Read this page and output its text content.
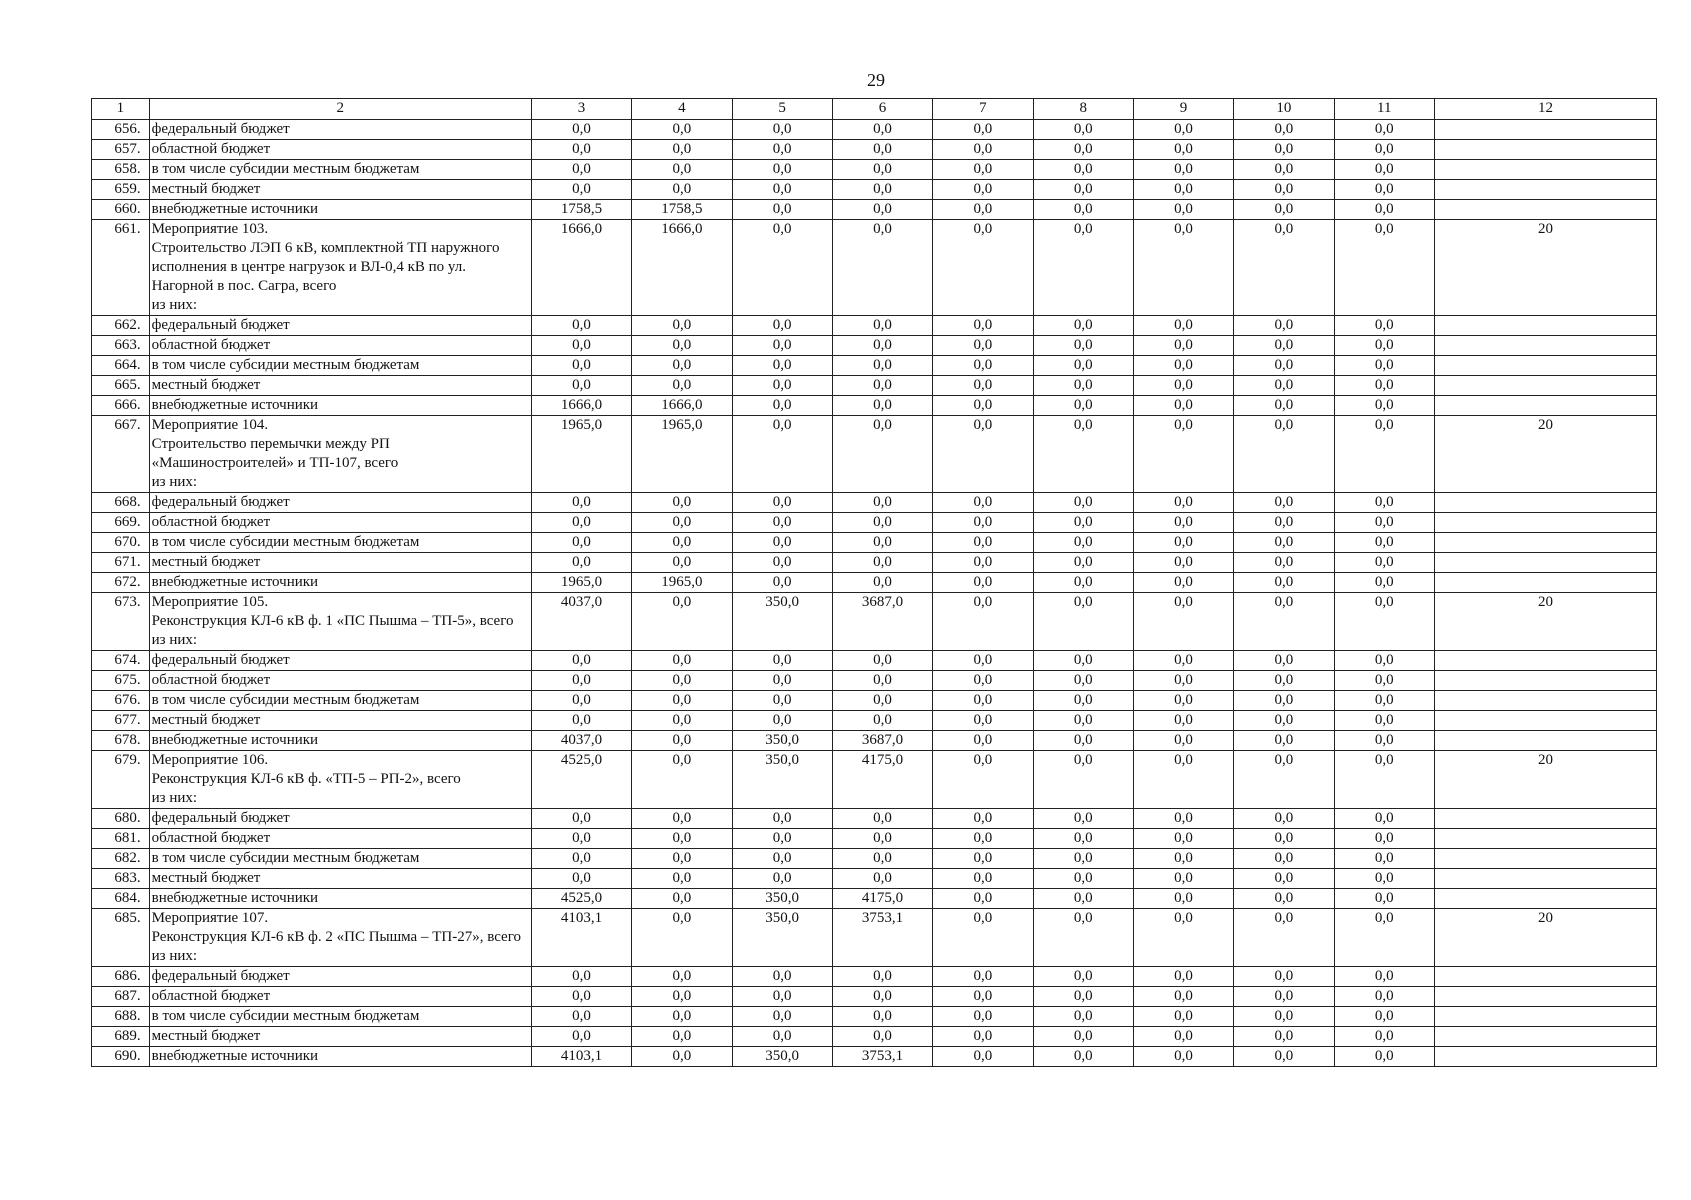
29
1	2	3	4	5	6	7	8	9	10	11	12
656.	федеральный бюджет	0,0	0,0	0,0	0,0	0,0	0,0	0,0	0,0	0,0	
657.	областной бюджет	0,0	0,0	0,0	0,0	0,0	0,0	0,0	0,0	0,0	
658.	в том числе субсидии местным бюджетам	0,0	0,0	0,0	0,0	0,0	0,0	0,0	0,0	0,0	
659.	местный бюджет	0,0	0,0	0,0	0,0	0,0	0,0	0,0	0,0	0,0	
660.	внебюджетные источники	1758,5	1758,5	0,0	0,0	0,0	0,0	0,0	0,0	0,0	
661.	Мероприятие 103.
Строительство ЛЭП 6 кВ, комплектной ТП наружного исполнения в центре нагрузок и ВЛ-0,4 кВ по ул. Нагорной в пос. Сагра, всего
из них:	1666,0	1666,0	0,0	0,0	0,0	0,0	0,0	0,0	0,0	20
662.	федеральный бюджет	0,0	0,0	0,0	0,0	0,0	0,0	0,0	0,0	0,0	
663.	областной бюджет	0,0	0,0	0,0	0,0	0,0	0,0	0,0	0,0	0,0	
664.	в том числе субсидии местным бюджетам	0,0	0,0	0,0	0,0	0,0	0,0	0,0	0,0	0,0	
665.	местный бюджет	0,0	0,0	0,0	0,0	0,0	0,0	0,0	0,0	0,0	
666.	внебюджетные источники	1666,0	1666,0	0,0	0,0	0,0	0,0	0,0	0,0	0,0	
667.	Мероприятие 104.
Строительство перемычки между РП «Машиностроителей» и ТП-107, всего
из них:	1965,0	1965,0	0,0	0,0	0,0	0,0	0,0	0,0	0,0	20
668.	федеральный бюджет	0,0	0,0	0,0	0,0	0,0	0,0	0,0	0,0	0,0	
669.	областной бюджет	0,0	0,0	0,0	0,0	0,0	0,0	0,0	0,0	0,0	
670.	в том числе субсидии местным бюджетам	0,0	0,0	0,0	0,0	0,0	0,0	0,0	0,0	0,0	
671.	местный бюджет	0,0	0,0	0,0	0,0	0,0	0,0	0,0	0,0	0,0	
672.	внебюджетные источники	1965,0	1965,0	0,0	0,0	0,0	0,0	0,0	0,0	0,0	
673.	Мероприятие 105.
Реконструкция КЛ-6 кВ ф. 1 «ПС Пышма – ТП-5», всего
из них:	4037,0	0,0	350,0	3687,0	0,0	0,0	0,0	0,0	0,0	20
674.	федеральный бюджет	0,0	0,0	0,0	0,0	0,0	0,0	0,0	0,0	0,0	
675.	областной бюджет	0,0	0,0	0,0	0,0	0,0	0,0	0,0	0,0	0,0	
676.	в том числе субсидии местным бюджетам	0,0	0,0	0,0	0,0	0,0	0,0	0,0	0,0	0,0	
677.	местный бюджет	0,0	0,0	0,0	0,0	0,0	0,0	0,0	0,0	0,0	
678.	внебюджетные источники	4037,0	0,0	350,0	3687,0	0,0	0,0	0,0	0,0	0,0	
679.	Мероприятие 106.
Реконструкция КЛ-6 кВ ф. «ТП-5 – РП-2», всего
из них:	4525,0	0,0	350,0	4175,0	0,0	0,0	0,0	0,0	0,0	20
680.	федеральный бюджет	0,0	0,0	0,0	0,0	0,0	0,0	0,0	0,0	0,0	
681.	областной бюджет	0,0	0,0	0,0	0,0	0,0	0,0	0,0	0,0	0,0	
682.	в том числе субсидии местным бюджетам	0,0	0,0	0,0	0,0	0,0	0,0	0,0	0,0	0,0	
683.	местный бюджет	0,0	0,0	0,0	0,0	0,0	0,0	0,0	0,0	0,0	
684.	внебюджетные источники	4525,0	0,0	350,0	4175,0	0,0	0,0	0,0	0,0	0,0	
685.	Мероприятие 107.
Реконструкция КЛ-6 кВ ф. 2 «ПС Пышма – ТП-27», всего
из них:	4103,1	0,0	350,0	3753,1	0,0	0,0	0,0	0,0	0,0	20
686.	федеральный бюджет	0,0	0,0	0,0	0,0	0,0	0,0	0,0	0,0	0,0	
687.	областной бюджет	0,0	0,0	0,0	0,0	0,0	0,0	0,0	0,0	0,0	
688.	в том числе субсидии местным бюджетам	0,0	0,0	0,0	0,0	0,0	0,0	0,0	0,0	0,0	
689.	местный бюджет	0,0	0,0	0,0	0,0	0,0	0,0	0,0	0,0	0,0	
690.	внебюджетные источники	4103,1	0,0	350,0	3753,1	0,0	0,0	0,0	0,0	0,0	
